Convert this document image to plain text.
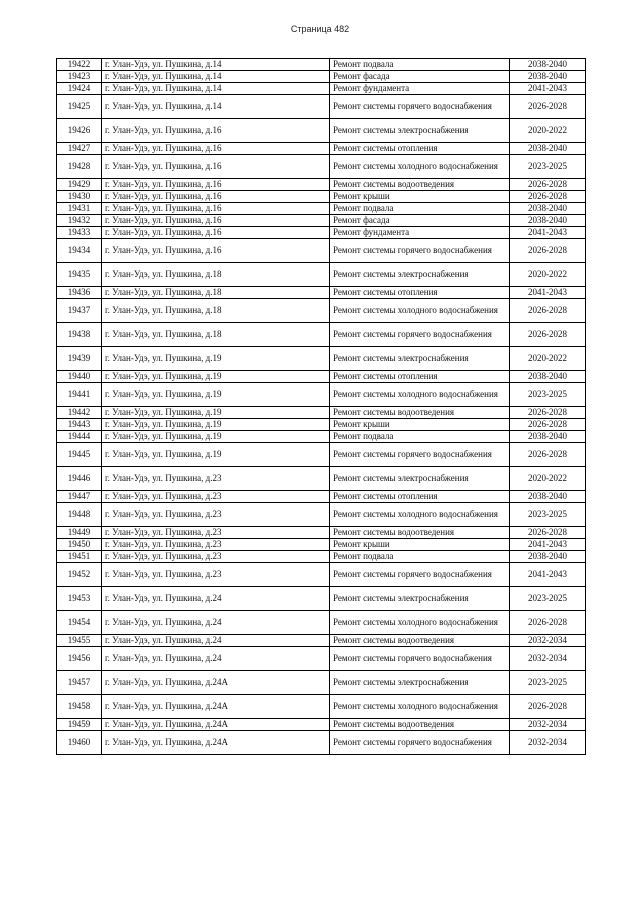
Страница 482
19422	г. Улан-Удэ, ул. Пушкина, д.14	Ремонт подвала	2038-2040
19423	г. Улан-Удэ, ул. Пушкина, д.14	Ремонт фасада	2038-2040
19424	г. Улан-Удэ, ул. Пушкина, д.14	Ремонт фундамента	2041-2043
19425	г. Улан-Удэ, ул. Пушкина, д.14	Ремонт системы горячего водоснабжения	2026-2028
19426	г. Улан-Удэ, ул. Пушкина, д.16	Ремонт системы электроснабжения	2020-2022
19427	г. Улан-Удэ, ул. Пушкина, д.16	Ремонт системы отопления	2038-2040
19428	г. Улан-Удэ, ул. Пушкина, д.16	Ремонт системы холодного водоснабжения	2023-2025
19429	г. Улан-Удэ, ул. Пушкина, д.16	Ремонт системы водоотведения	2026-2028
19430	г. Улан-Удэ, ул. Пушкина, д.16	Ремонт крыши	2026-2028
19431	г. Улан-Удэ, ул. Пушкина, д.16	Ремонт подвала	2038-2040
19432	г. Улан-Удэ, ул. Пушкина, д.16	Ремонт фасада	2038-2040
19433	г. Улан-Удэ, ул. Пушкина, д.16	Ремонт фундамента	2041-2043
19434	г. Улан-Удэ, ул. Пушкина, д.16	Ремонт системы горячего водоснабжения	2026-2028
19435	г. Улан-Удэ, ул. Пушкина, д.18	Ремонт системы электроснабжения	2020-2022
19436	г. Улан-Удэ, ул. Пушкина, д.18	Ремонт системы отопления	2041-2043
19437	г. Улан-Удэ, ул. Пушкина, д.18	Ремонт системы холодного водоснабжения	2026-2028
19438	г. Улан-Удэ, ул. Пушкина, д.18	Ремонт системы горячего водоснабжения	2026-2028
19439	г. Улан-Удэ, ул. Пушкина, д.19	Ремонт системы электроснабжения	2020-2022
19440	г. Улан-Удэ, ул. Пушкина, д.19	Ремонт системы отопления	2038-2040
19441	г. Улан-Удэ, ул. Пушкина, д.19	Ремонт системы холодного водоснабжения	2023-2025
19442	г. Улан-Удэ, ул. Пушкина, д.19	Ремонт системы водоотведения	2026-2028
19443	г. Улан-Удэ, ул. Пушкина, д.19	Ремонт крыши	2026-2028
19444	г. Улан-Удэ, ул. Пушкина, д.19	Ремонт подвала	2038-2040
19445	г. Улан-Удэ, ул. Пушкина, д.19	Ремонт системы горячего водоснабжения	2026-2028
19446	г. Улан-Удэ, ул. Пушкина, д.23	Ремонт системы электроснабжения	2020-2022
19447	г. Улан-Удэ, ул. Пушкина, д.23	Ремонт системы отопления	2038-2040
19448	г. Улан-Удэ, ул. Пушкина, д.23	Ремонт системы холодного водоснабжения	2023-2025
19449	г. Улан-Удэ, ул. Пушкина, д.23	Ремонт системы водоотведения	2026-2028
19450	г. Улан-Удэ, ул. Пушкина, д.23	Ремонт крыши	2041-2043
19451	г. Улан-Удэ, ул. Пушкина, д.23	Ремонт подвала	2038-2040
19452	г. Улан-Удэ, ул. Пушкина, д.23	Ремонт системы горячего водоснабжения	2041-2043
19453	г. Улан-Удэ, ул. Пушкина, д.24	Ремонт системы электроснабжения	2023-2025
19454	г. Улан-Удэ, ул. Пушкина, д.24	Ремонт системы холодного водоснабжения	2026-2028
19455	г. Улан-Удэ, ул. Пушкина, д.24	Ремонт системы водоотведения	2032-2034
19456	г. Улан-Удэ, ул. Пушкина, д.24	Ремонт системы горячего водоснабжения	2032-2034
19457	г. Улан-Удэ, ул. Пушкина, д.24А	Ремонт системы электроснабжения	2023-2025
19458	г. Улан-Удэ, ул. Пушкина, д.24А	Ремонт системы холодного водоснабжения	2026-2028
19459	г. Улан-Удэ, ул. Пушкина, д.24А	Ремонт системы водоотведения	2032-2034
19460	г. Улан-Удэ, ул. Пушкина, д.24А	Ремонт системы горячего водоснабжения	2032-2034
